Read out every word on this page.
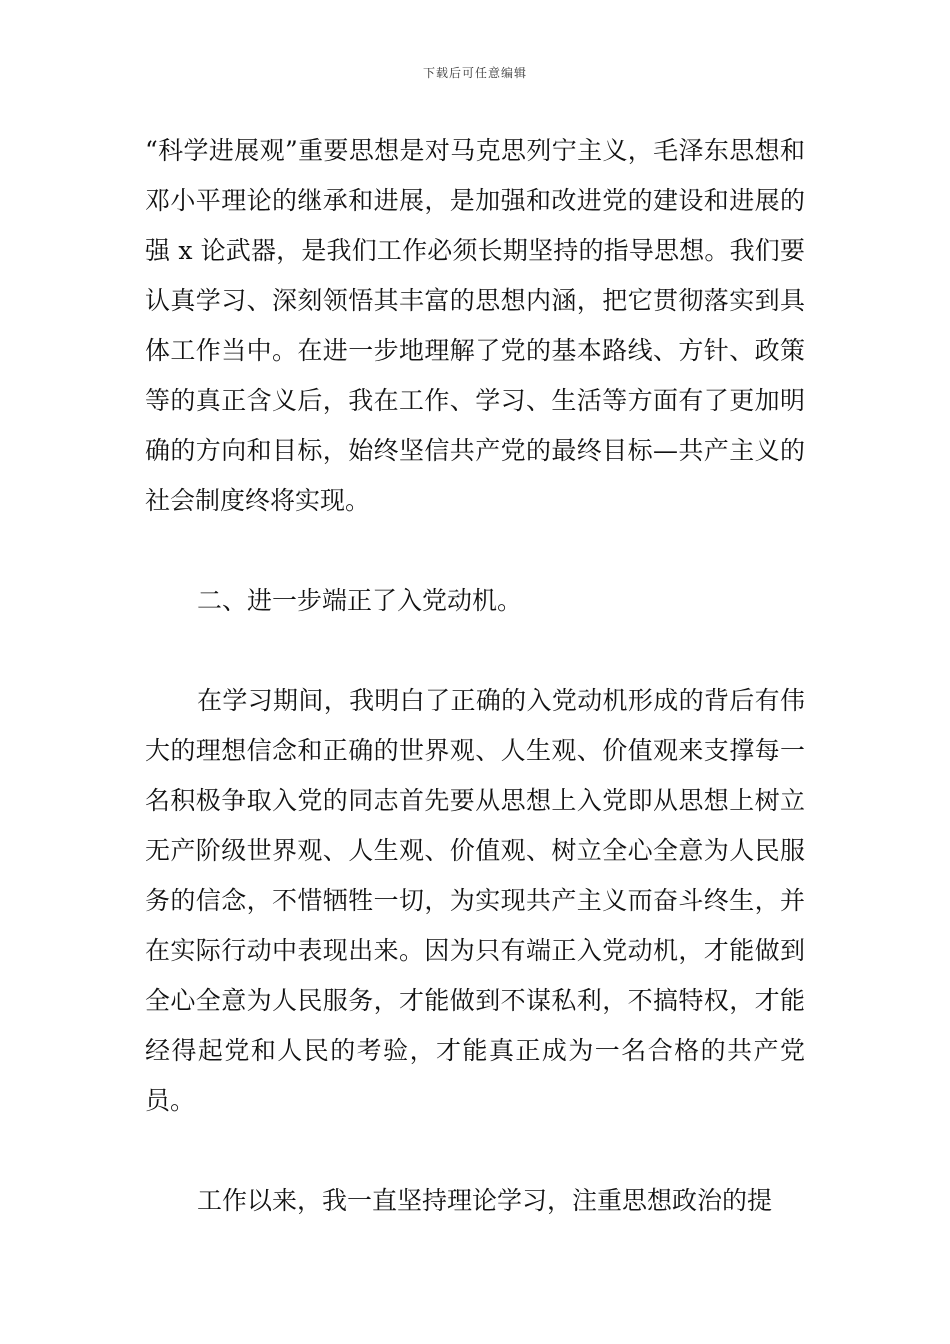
下载后可任意编辑

“科学进展观”重要思想是对马克思列宁主义，毛泽东思想和邓小平理论的继承和进展，是加强和改进党的建设和进展的强 x 论武器，是我们工作必须长期坚持的指导思想。我们要认真学习、深刻领悟其丰富的思想内涵，把它贯彻落实到具体工作当中。在进一步地理解了党的基本路线、方针、政策等的真正含义后，我在工作、学习、生活等方面有了更加明确的方向和目标，始终坚信共产党的最终目标—共产主义的社会制度终将实现。

二、进一步端正了入党动机。

在学习期间，我明白了正确的入党动机形成的背后有伟大的理想信念和正确的世界观、人生观、价值观来支撑每一名积极争取入党的同志首先要从思想上入党即从思想上树立无产阶级世界观、人生观、价值观、树立全心全意为人民服务的信念，不惜牺牲一切，为实现共产主义而奋斗终生，并在实际行动中表现出来。因为只有端正入党动机，才能做到全心全意为人民服务，才能做到不谋私利，不搞特权，才能经得起党和人民的考验，才能真正成为一名合格的共产党员。

工作以来，我一直坚持理论学习，注重思想政治的提
